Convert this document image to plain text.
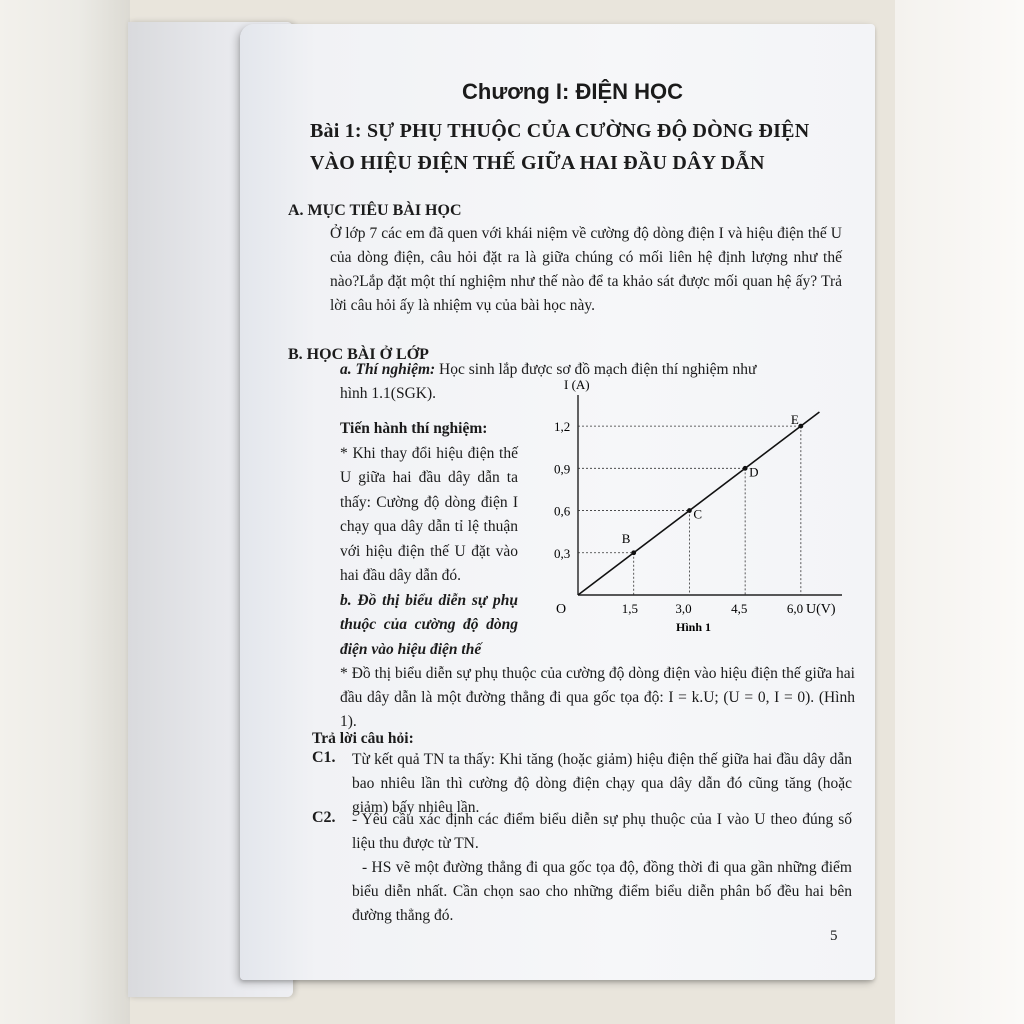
Chương I: ĐIỆN HỌC
Bài 1: SỰ PHỤ THUỘC CỦA CƯỜNG ĐỘ DÒNG ĐIỆN
VÀO HIỆU ĐIỆN THẾ GIỮA HAI ĐẦU DÂY DẪN
A. MỤC TIÊU BÀI HỌC
Ở lớp 7 các em đã quen với khái niệm về cường độ dòng điện I và hiệu điện thế U của dòng điện, câu hỏi đặt ra là giữa chúng có mối liên hệ định lượng như thế nào?Lắp đặt một thí nghiệm như thế nào để ta khảo sát được mối quan hệ ấy? Trả lời câu hỏi ấy là nhiệm vụ của bài học này.
B. HỌC BÀI Ở LỚP
a. Thí nghiệm: Học sinh lắp được sơ đồ mạch điện thí nghiệm như
hình 1.1(SGK).
Tiến hành thí nghiệm:
* Khi thay đổi hiệu điện thế U giữa hai đầu dây dẫn ta thấy: Cường độ dòng điện I chạy qua dây dẫn tỉ lệ thuận với hiệu điện thế U đặt vào hai đầu dây dẫn đó.
b. Đồ thị biểu diễn sự phụ thuộc của cường độ dòng điện vào hiệu điện thế
I (A)
O	U(V)
1,5
0,3
B
3,0
0,6	C
4,5
0,9	D
6,0
1,2	E
Hình 1
* Đồ thị biểu diễn sự phụ thuộc của cường độ dòng điện vào hiệu điện thế giữa hai đầu dây dẫn là một đường thẳng đi qua gốc tọa độ: I = k.U; (U = 0, I = 0). (Hình 1).
Trả lời câu hỏi:
C1. Từ kết quả TN ta thấy: Khi tăng (hoặc giảm) hiệu điện thế giữa hai đầu dây dẫn bao nhiêu lần thì cường độ dòng điện chạy qua dây dẫn đó cũng tăng (hoặc giảm) bấy nhiêu lần.
C2. - Yêu cầu xác định các điểm biểu diễn sự phụ thuộc của I vào U theo đúng số liệu thu được từ TN.
- HS vẽ một đường thẳng đi qua gốc tọa độ, đồng thời đi qua gần những điểm biểu diễn nhất. Cần chọn sao cho những điểm biểu diễn phân bố đều hai bên đường thẳng đó.
5
